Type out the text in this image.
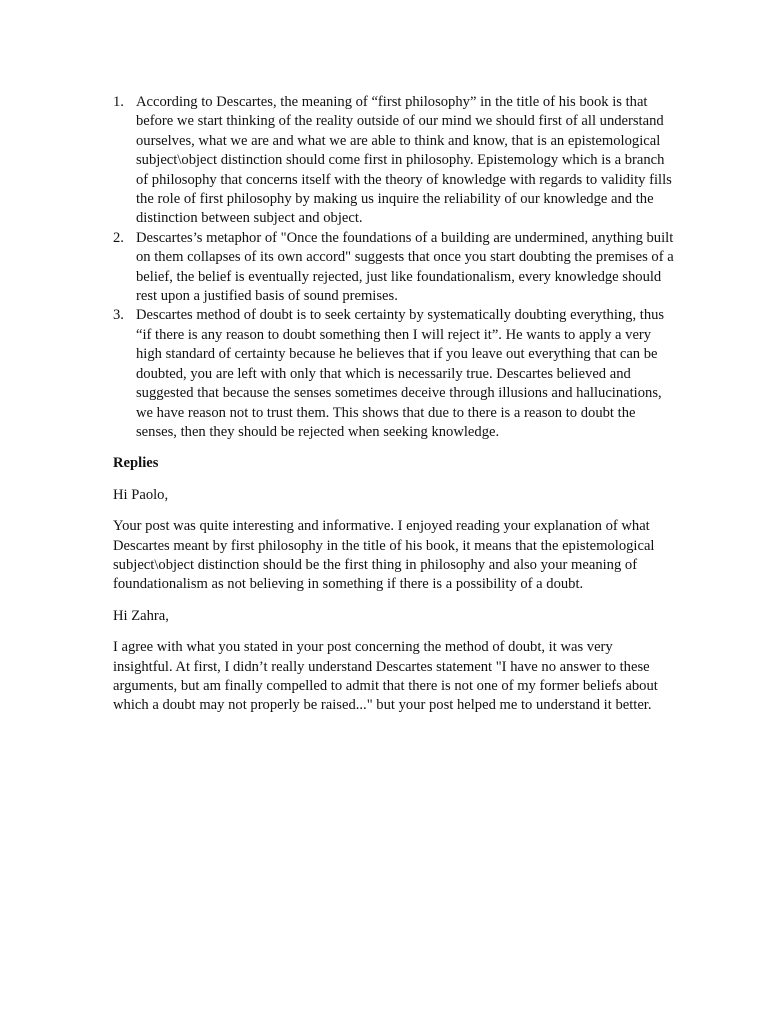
1. According to Descartes, the meaning of “first philosophy” in the title of his book is that before we start thinking of the reality outside of our mind we should first of all understand ourselves, what we are and what we are able to think and know, that is an epistemological subject\object distinction should come first in philosophy. Epistemology which is a branch of philosophy that concerns itself with the theory of knowledge with regards to validity fills the role of first philosophy by making us inquire the reliability of our knowledge and the distinction between subject and object.
2. Descartes’s metaphor of "Once the foundations of a building are undermined, anything built on them collapses of its own accord" suggests that once you start doubting the premises of a belief, the belief is eventually rejected, just like foundationalism, every knowledge should rest upon a justified basis of sound premises.
3. Descartes method of doubt is to seek certainty by systematically doubting everything, thus “if there is any reason to doubt something then I will reject it”. He wants to apply a very high standard of certainty because he believes that if you leave out everything that can be doubted, you are left with only that which is necessarily true. Descartes believed and suggested that because the senses sometimes deceive through illusions and hallucinations, we have reason not to trust them. This shows that due to there is a reason to doubt the senses, then they should be rejected when seeking knowledge.

Replies

Hi Paolo,

Your post was quite interesting and informative. I enjoyed reading your explanation of what Descartes meant by first philosophy in the title of his book, it means that the epistemological subject\object distinction should be the first thing in philosophy and also your meaning of foundationalism as not believing in something if there is a possibility of a doubt.

Hi Zahra,

I agree with what you stated in your post concerning the method of doubt, it was very insightful. At first, I didn’t really understand Descartes statement "I have no answer to these arguments, but am finally compelled to admit that there is not one of my former beliefs about which a doubt may not properly be raised..." but your post helped me to understand it better.
